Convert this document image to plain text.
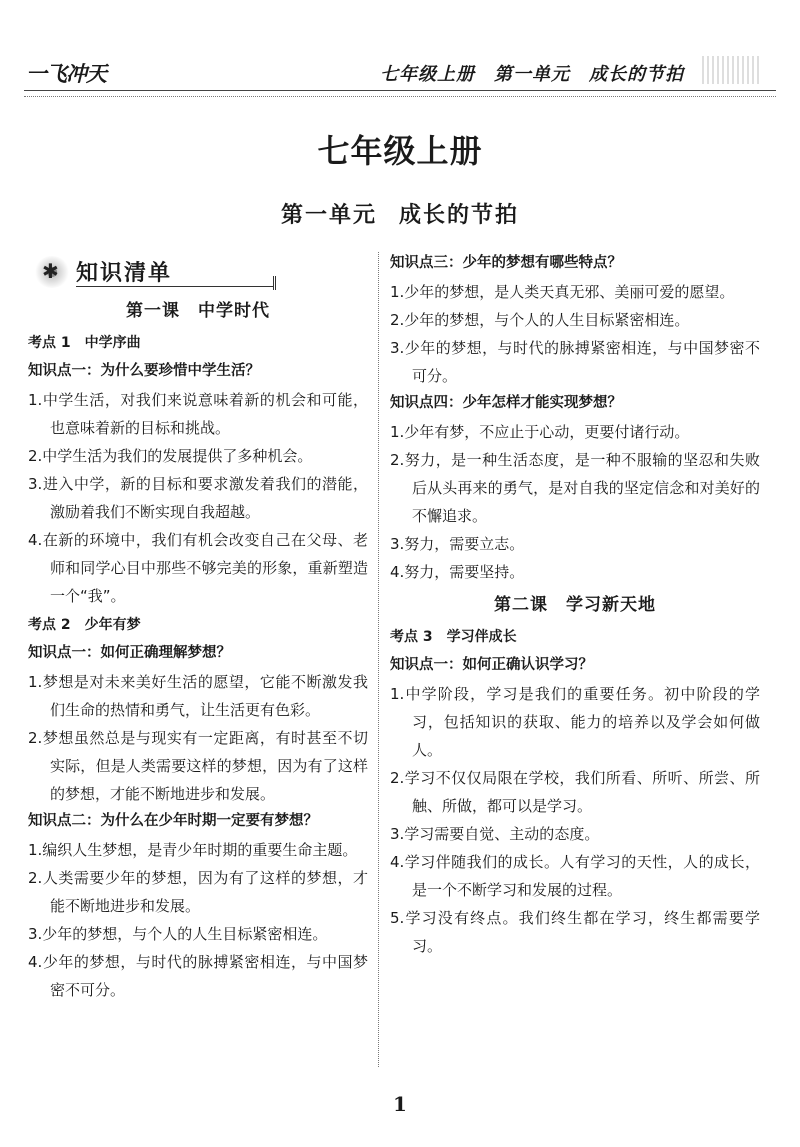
一飞冲天	七年级上册　第一单元　成长的节拍
七年级上册
第一单元 成长的节拍
✱
知识清单
第一课　中学时代
考点 1 中学序曲
知识点一：为什么要珍惜中学生活？

1.中学生活，对我们来说意味着新的机会和可能，也意味着新的目标和挑战。

2.中学生活为我们的发展提供了多种机会。

3.进入中学，新的目标和要求激发着我们的潜能，激励着我们不断实现自我超越。

4.在新的环境中，我们有机会改变自己在父母、老师和同学心目中那些不够完美的形象，重新塑造一个“我”。

考点 2 少年有梦
知识点一：如何正确理解梦想？

1.梦想是对未来美好生活的愿望，它能不断激发我们生命的热情和勇气，让生活更有色彩。

2.梦想虽然总是与现实有一定距离，有时甚至不切实际，但是人类需要这样的梦想，因为有了这样的梦想，才能不断地进步和发展。

知识点二：为什么在少年时期一定要有梦想？

1.编织人生梦想，是青少年时期的重要生命主题。

2.人类需要少年的梦想，因为有了这样的梦想，才能不断地进步和发展。

3.少年的梦想，与个人的人生目标紧密相连。

4.少年的梦想，与时代的脉搏紧密相连，与中国梦密不可分。

知识点三：少年的梦想有哪些特点？

1.少年的梦想，是人类天真无邪、美丽可爱的愿望。

2.少年的梦想，与个人的人生目标紧密相连。

3.少年的梦想，与时代的脉搏紧密相连，与中国梦密不可分。

知识点四：少年怎样才能实现梦想？

1.少年有梦，不应止于心动，更要付诸行动。

2.努力，是一种生活态度，是一种不服输的坚忍和失败后从头再来的勇气，是对自我的坚定信念和对美好的不懈追求。

3.努力，需要立志。

4.努力，需要坚持。

第二课　学习新天地
考点 3 学习伴成长
知识点一：如何正确认识学习？

1.中学阶段，学习是我们的重要任务。初中阶段的学习，包括知识的获取、能力的培养以及学会如何做人。

2.学习不仅仅局限在学校，我们所看、所听、所尝、所触、所做，都可以是学习。

3.学习需要自觉、主动的态度。

4.学习伴随我们的成长。人有学习的天性，人的成长，是一个不断学习和发展的过程。

5.学习没有终点。我们终生都在学习，终生都需要学习。

1
